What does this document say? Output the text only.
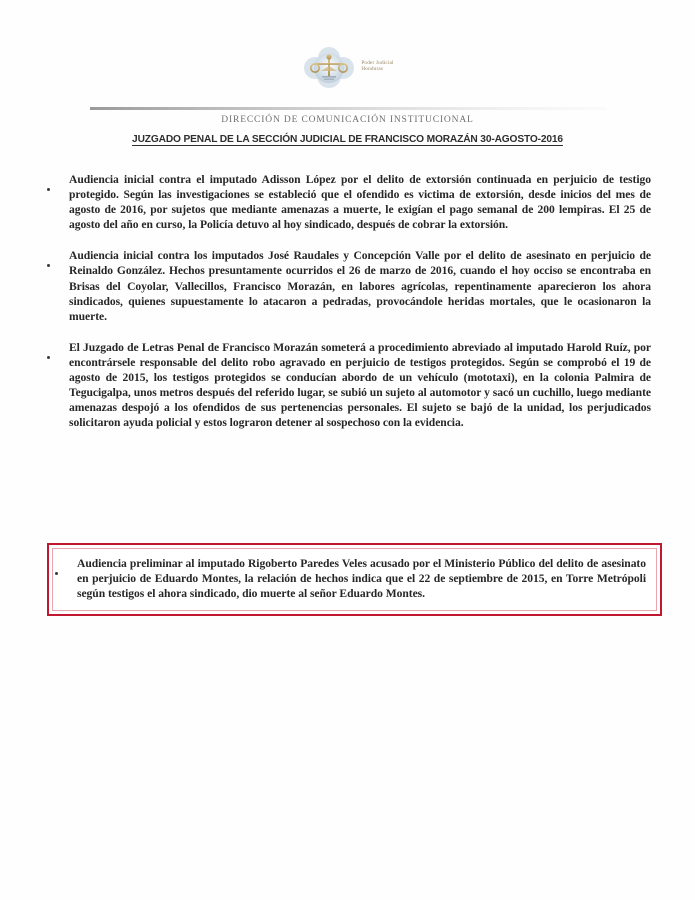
Poder Judicial
Honduras
DIRECCIÓN DE COMUNICACIÓN INSTITUCIONAL
JUZGADO PENAL DE LA SECCIÓN JUDICIAL DE FRANCISCO MORAZÁN 30-AGOSTO-2016
Audiencia inicial contra el imputado Adisson López por el delito de extorsión continuada en perjuicio de testigo protegido. Según las investigaciones se estableció que el ofendido es victima de extorsión, desde inicios del mes de agosto de 2016, por sujetos que mediante amenazas a muerte, le exigían el pago semanal de 200 lempiras. El 25 de agosto del año en curso, la Policía detuvo al hoy sindicado, después de cobrar la extorsión.
Audiencia inicial contra los imputados José Raudales y Concepción Valle por el delito de asesinato en perjuicio de Reinaldo González. Hechos presuntamente ocurridos el 26 de marzo de 2016, cuando el hoy occiso se encontraba en Brisas del Coyolar, Vallecillos, Francisco Morazán, en labores agrícolas, repentinamente aparecieron los ahora sindicados, quienes supuestamente lo atacaron a pedradas, provocándole heridas mortales, que le ocasionaron la muerte.
El Juzgado de Letras Penal de Francisco Morazán someterá a procedimiento abreviado al imputado Harold Ruíz, por encontrársele responsable del delito robo agravado en perjuicio de testigos protegidos. Según se comprobó el 19 de agosto de 2015, los testigos protegidos se conducían abordo de un vehículo (mototaxi), en la colonia Palmira de Tegucigalpa, unos metros después del referido lugar, se subió un sujeto al automotor y sacó un cuchillo, luego mediante amenazas despojó a los ofendidos de sus pertenencias personales. El sujeto se bajó de la unidad, los perjudicados solicitaron ayuda policial y estos lograron detener al sospechoso con la evidencia.
Audiencia preliminar al imputado Rigoberto Paredes Veles acusado por el Ministerio Público del delito de asesinato en perjuicio de Eduardo Montes, la relación de hechos indica que el 22 de septiembre de 2015, en Torre Metrópoli según testigos el ahora sindicado, dio muerte al señor Eduardo Montes.
